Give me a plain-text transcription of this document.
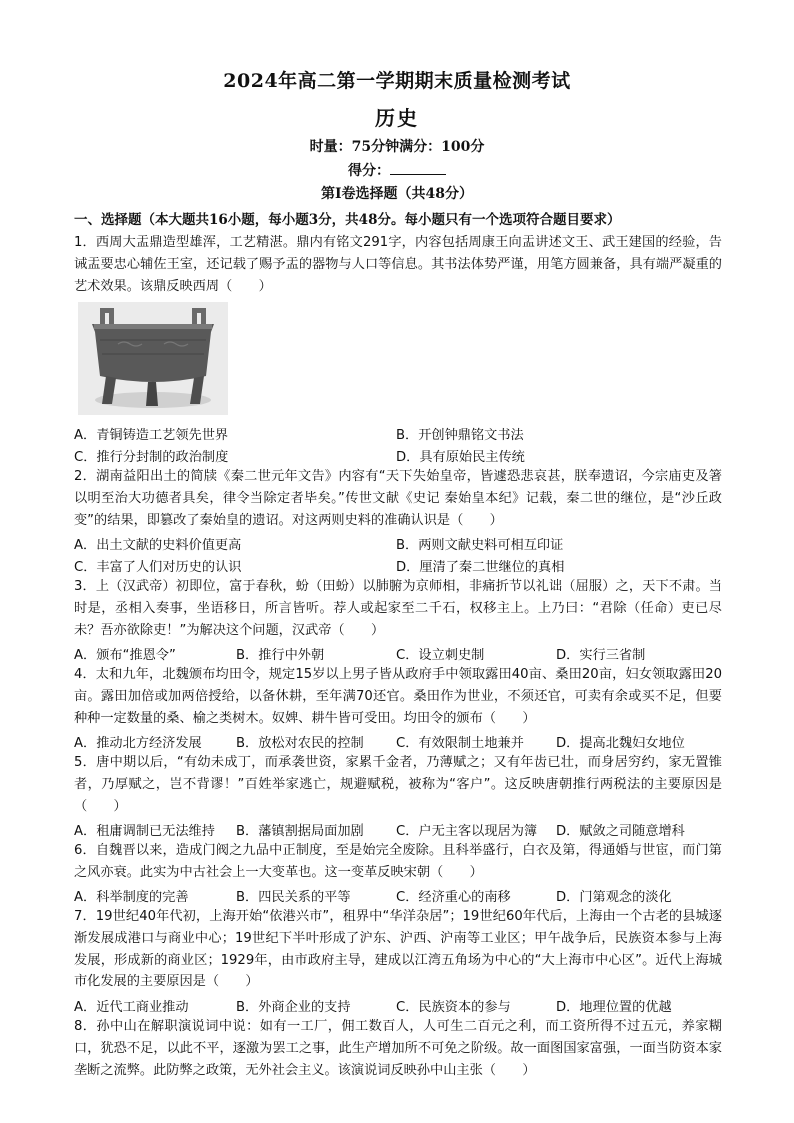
2024年高二第一学期期末质量检测考试
历史
时量：75分钟满分：100分
得分：
第Ⅰ卷选择题（共48分）
一、选择题（本大题共16小题，每小题3分，共48分。每小题只有一个选项符合题目要求）
1．西周大盂鼎造型雄浑，工艺精湛。鼎内有铭文291字，内容包括周康王向盂讲述文王、武王建国的经验，告诫盂要忠心辅佐王室，还记载了赐予盂的器物与人口等信息。其书法体势严谨，用笔方圆兼备，具有端严凝重的艺术效果。该鼎反映西周（　　）
A．青铜铸造工艺领先世界	B．开创钟鼎铭文书法
C．推行分封制的政治制度	D．具有原始民主传统
2．湖南益阳出土的简牍《秦二世元年文告》内容有“天下失始皇帝，皆遽恐悲哀甚，朕奉遗诏，今宗庙吏及箸以明至治大功德者具矣，律令当除定者毕矣。”传世文献《史记 秦始皇本纪》记载，秦二世的继位，是“沙丘政变”的结果，即篡改了秦始皇的遗诏。对这两则史料的准确认识是（　　）
A．出土文献的史料价值更高	B．两则文献史料可相互印证
C．丰富了人们对历史的认识	D．厘清了秦二世继位的真相
3．上（汉武帝）初即位，富于春秋，蚡（田蚡）以肺腑为京师相，非痛折节以礼诎（屈服）之，天下不肃。当时是，丞相入奏事，坐语移日，所言皆听。荐人或起家至二千石，权移主上。上乃曰：“君除（任命）吏已尽未？吾亦欲除吏！”为解决这个问题，汉武帝（　　）
A．颁布“推恩令”	B．推行中外朝	C．设立刺史制	D．实行三省制
4．太和九年，北魏颁布均田令，规定15岁以上男子皆从政府手中领取露田40亩、桑田20亩，妇女领取露田20亩。露田加倍或加两倍授给，以备休耕，至年满70还官。桑田作为世业，不须还官，可卖有余或买不足，但要种种一定数量的桑、榆之类树木。奴婢、耕牛皆可受田。均田令的颁布（　　）
A．推动北方经济发展	B．放松对农民的控制 C．有效限制土地兼并 D．提高北魏妇女地位
5．唐中期以后，“有幼未成丁，而承袭世资，家累千金者，乃薄赋之；又有年齿已壮，而身居穷约，家无置锥者，乃厚赋之，岂不背谬！”百姓举家逃亡，规避赋税，被称为“客户”。这反映唐朝推行两税法的主要原因是（　　）
A．租庸调制已无法维持 B．藩镇割据局面加剧 C．户无主客以现居为簿 D．赋敛之司随意增科
6．自魏晋以来，造成门阀之九品中正制度，至是始完全废除。且科举盛行，白衣及第，得通婚与世宦，而门第之风亦衰。此实为中古社会上一大变革也。这一变革反映宋朝（　　）
A．科举制度的完善	B．四民关系的平等	C．经济重心的南移	D．门第观念的淡化
7．19世纪40年代初，上海开始“依港兴市”，租界中“华洋杂居”；19世纪60年代后，上海由一个古老的县城逐渐发展成港口与商业中心；19世纪下半叶形成了沪东、沪西、沪南等工业区；甲午战争后，民族资本参与上海发展，形成新的商业区；1929年，由市政府主导，建成以江湾五角场为中心的“大上海市中心区”。近代上海城市化发展的主要原因是（　　）
A．近代工商业推动	B．外商企业的支持	C．民族资本的参与	D．地理位置的优越
8．孙中山在解职演说词中说：如有一工厂，佣工数百人，人可生二百元之利，而工资所得不过五元，养家糊口，犹恐不足，以此不平，逐激为罢工之事，此生产增加所不可免之阶级。故一面图国家富强，一面当防资本家垄断之流弊。此防弊之政策，无外社会主义。该演说词反映孙中山主张（　　）
